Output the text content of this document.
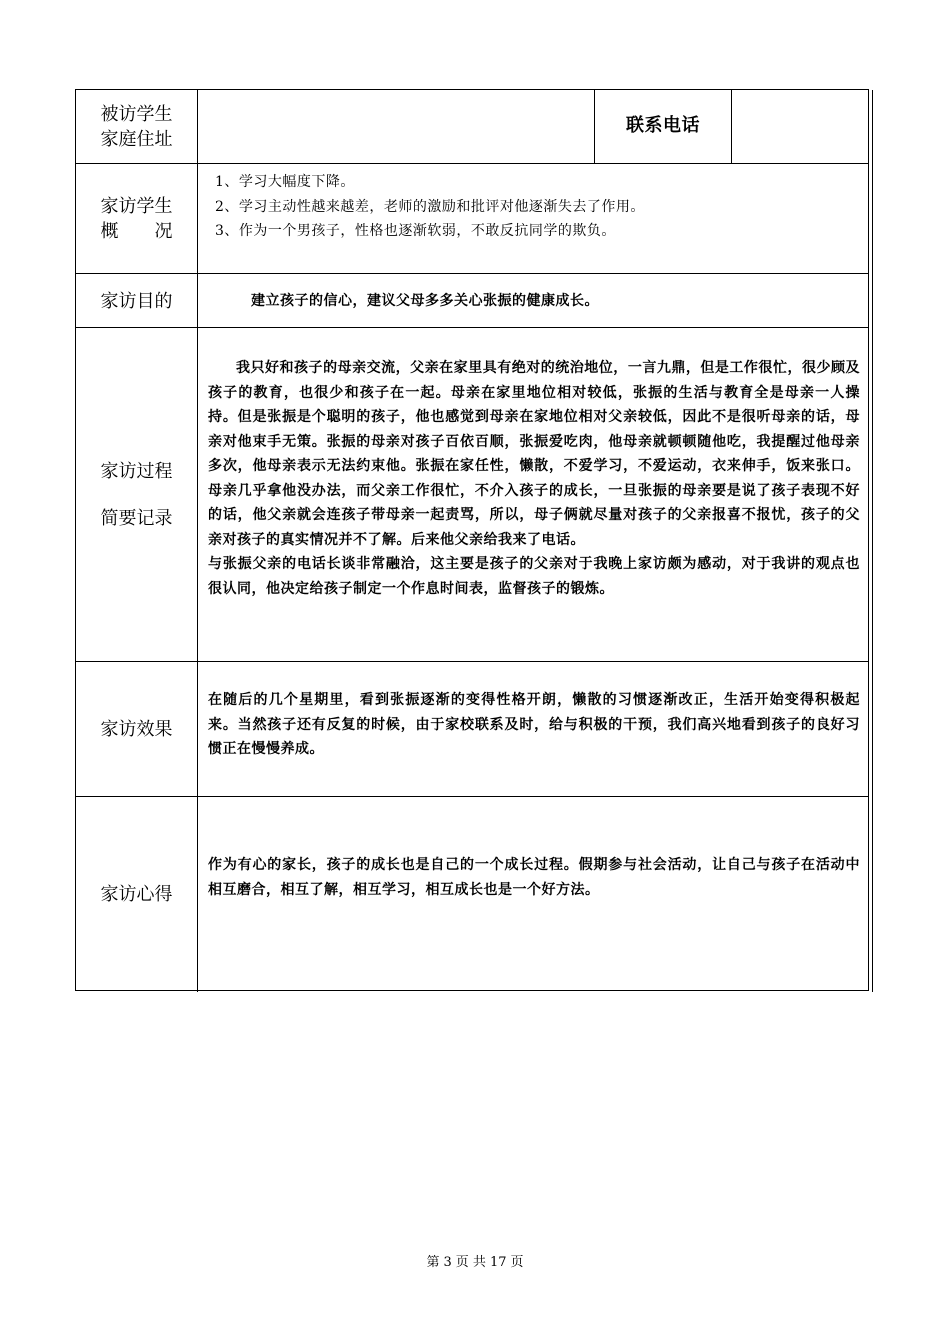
被访学生
家庭住址
联系电话
家访学生
概　　况
1、学习大幅度下降。
2、学习主动性越来越差，老师的激励和批评对他逐渐失去了作用。
3、作为一个男孩子，性格也逐渐软弱，不敢反抗同学的欺负。
家访目的	建立孩子的信心，建议父母多多关心张振的健康成长。
家访过程
简要记录

我只好和孩子的母亲交流，父亲在家里具有绝对的统治地位，一言九鼎，但是工作很忙，很少顾及孩子的教育，也很少和孩子在一起。母亲在家里地位相对较低，张振的生活与教育全是母亲一人操持。但是张振是个聪明的孩子，他也感觉到母亲在家地位相对父亲较低，因此不是很听母亲的话，母亲对他束手无策。张振的母亲对孩子百依百顺，张振爱吃肉，他母亲就顿顿随他吃，我提醒过他母亲多次，他母亲表示无法约束他。张振在家任性，懒散，不爱学习，不爱运动，衣来伸手，饭来张口。母亲几乎拿他没办法，而父亲工作很忙，不介入孩子的成长，一旦张振的母亲要是说了孩子表现不好的话，他父亲就会连孩子带母亲一起责骂，所以，母子俩就尽量对孩子的父亲报喜不报忧，孩子的父亲对孩子的真实情况并不了解。后来他父亲给我来了电话。

与张振父亲的电话长谈非常融洽，这主要是孩子的父亲对于我晚上家访颇为感动，对于我讲的观点也很认同，他决定给孩子制定一个作息时间表，监督孩子的锻炼。

家访效果

在随后的几个星期里，看到张振逐渐的变得性格开朗，懒散的习惯逐渐改正，生活开始变得积极起来。当然孩子还有反复的时候，由于家校联系及时，给与积极的干预，我们高兴地看到孩子的良好习惯正在慢慢养成。

家访心得

作为有心的家长，孩子的成长也是自己的一个成长过程。假期参与社会活动，让自己与孩子在活动中相互磨合，相互了解，相互学习，相互成长也是一个好方法。

第 3 页 共 17 页
